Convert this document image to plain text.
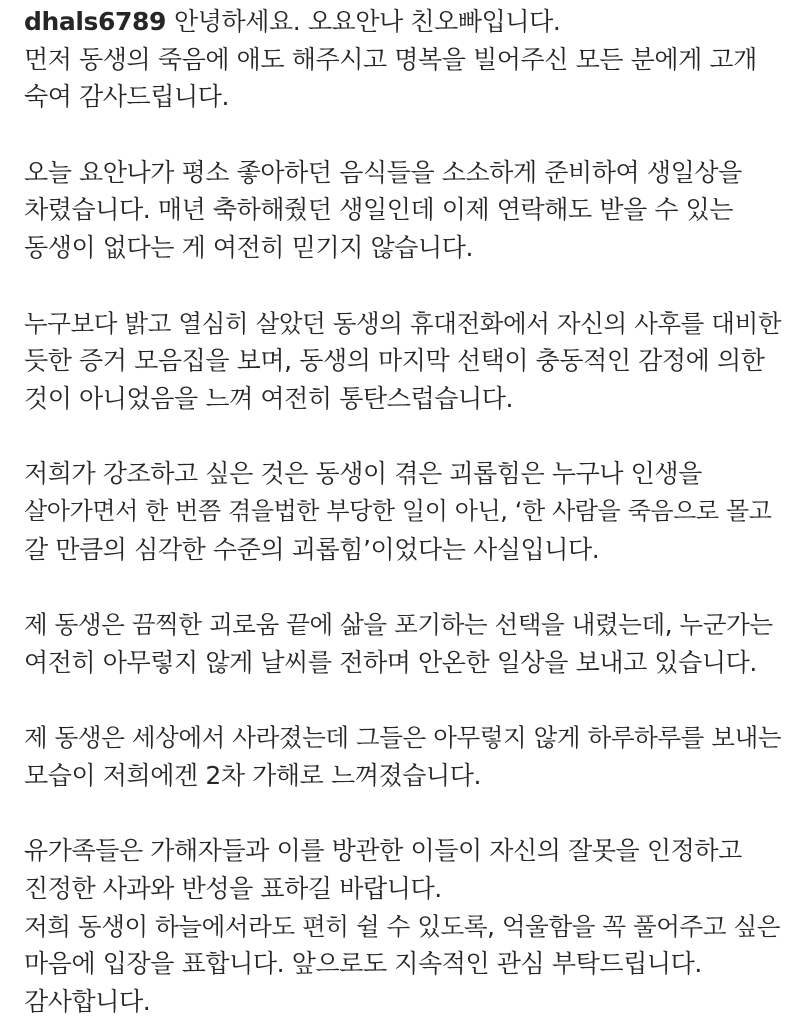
dhals6789 안녕하세요. 오요안나 친오빠입니다.
먼저 동생의 죽음에 애도 해주시고 명복을 빌어주신 모든 분에게 고개
숙여 감사드립니다.
오늘 요안나가 평소 좋아하던 음식들을 소소하게 준비하여 생일상을
차렸습니다. 매년 축하해줬던 생일인데 이제 연락해도 받을 수 있는
동생이 없다는 게 여전히 믿기지 않습니다.
누구보다 밝고 열심히 살았던 동생의 휴대전화에서 자신의 사후를 대비한
듯한 증거 모음집을 보며, 동생의 마지막 선택이 충동적인 감정에 의한
것이 아니었음을 느껴 여전히 통탄스럽습니다.
저희가 강조하고 싶은 것은 동생이 겪은 괴롭힘은 누구나 인생을
살아가면서 한 번쯤 겪을법한 부당한 일이 아닌, ‘한 사람을 죽음으로 몰고
갈 만큼의 심각한 수준의 괴롭힘’이었다는 사실입니다.
제 동생은 끔찍한 괴로움 끝에 삶을 포기하는 선택을 내렸는데, 누군가는
여전히 아무렇지 않게 날씨를 전하며 안온한 일상을 보내고 있습니다.
제 동생은 세상에서 사라졌는데 그들은 아무렇지 않게 하루하루를 보내는
모습이 저희에겐 2차 가해로 느껴졌습니다.
유가족들은 가해자들과 이를 방관한 이들이 자신의 잘못을 인정하고
진정한 사과와 반성을 표하길 바랍니다.
저희 동생이 하늘에서라도 편히 쉴 수 있도록, 억울함을 꼭 풀어주고 싶은
마음에 입장을 표합니다. 앞으로도 지속적인 관심 부탁드립니다.
감사합니다.
